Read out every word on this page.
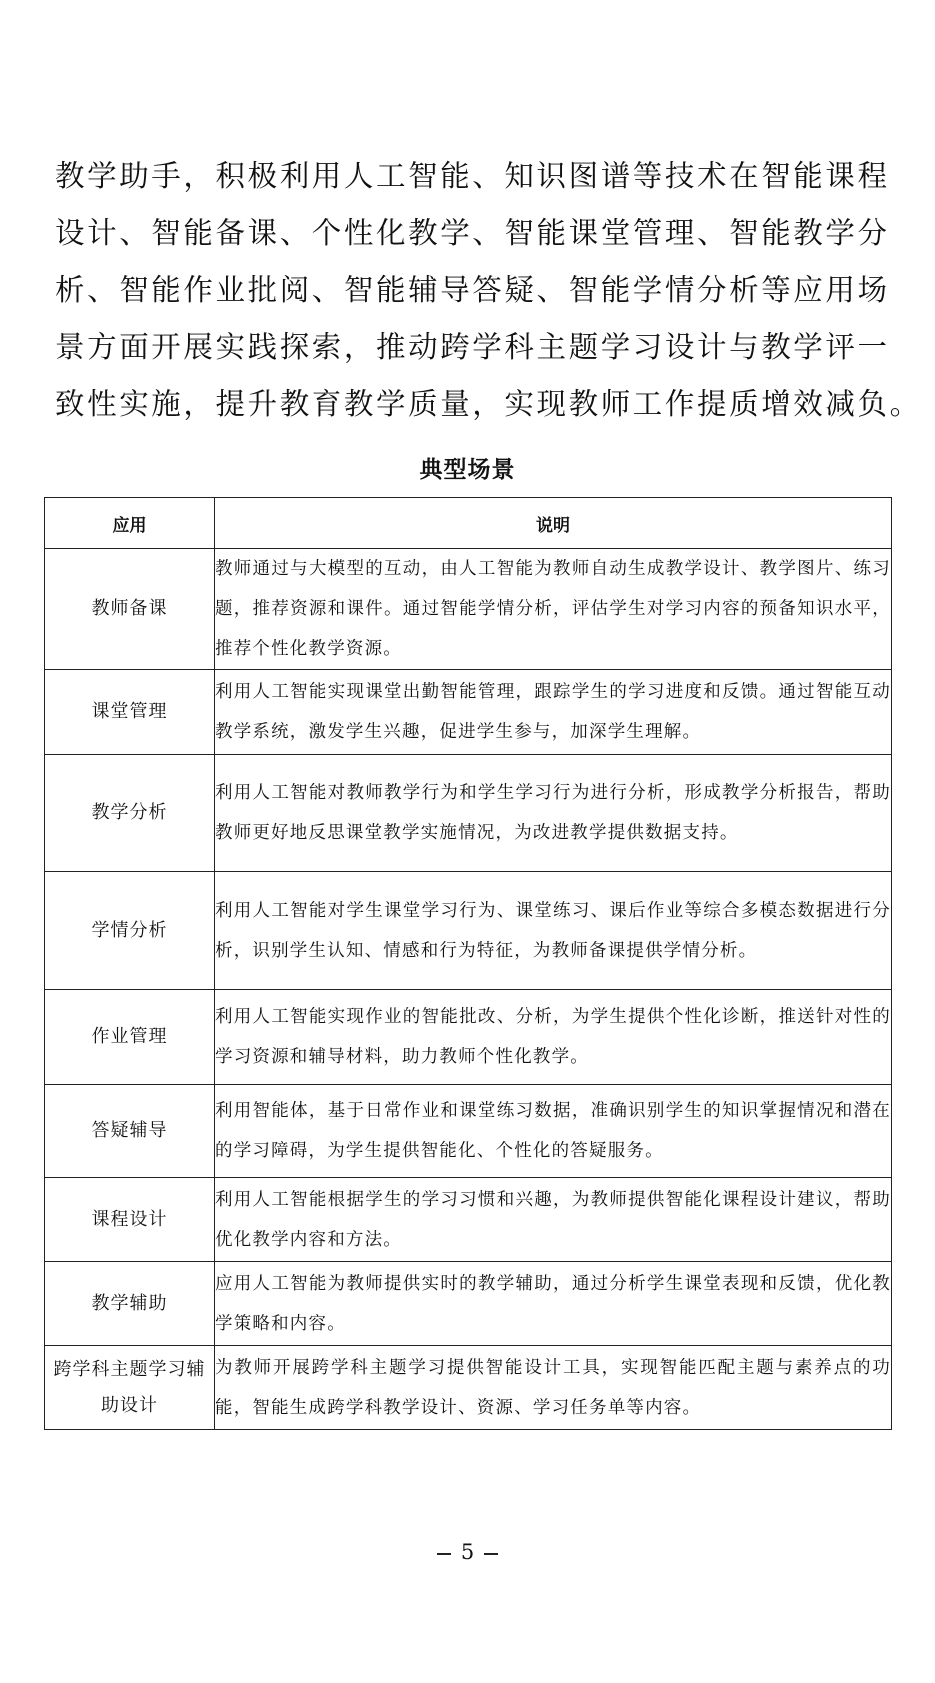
教学助手，积极利用人工智能、知识图谱等技术在智能课程
设计、智能备课、个性化教学、智能课堂管理、智能教学分
析、智能作业批阅、智能辅导答疑、智能学情分析等应用场
景方面开展实践探索，推动跨学科主题学习设计与教学评一
致性实施，提升教育教学质量，实现教师工作提质增效减负。
典型场景
应用	说明
教师备课	教师通过与大模型的互动，由人工智能为教师自动生成教学设计、教学图片、练习题，推荐资源和课件。通过智能学情分析，评估学生对学习内容的预备知识水平，推荐个性化教学资源。
课堂管理	利用人工智能实现课堂出勤智能管理，跟踪学生的学习进度和反馈。通过智能互动教学系统，激发学生兴趣，促进学生参与，加深学生理解。
教学分析	利用人工智能对教师教学行为和学生学习行为进行分析，形成教学分析报告，帮助教师更好地反思课堂教学实施情况，为改进教学提供数据支持。
学情分析	利用人工智能对学生课堂学习行为、课堂练习、课后作业等综合多模态数据进行分析，识别学生认知、情感和行为特征，为教师备课提供学情分析。
作业管理	利用人工智能实现作业的智能批改、分析，为学生提供个性化诊断，推送针对性的学习资源和辅导材料，助力教师个性化教学。
答疑辅导	利用智能体，基于日常作业和课堂练习数据，准确识别学生的知识掌握情况和潜在的学习障碍，为学生提供智能化、个性化的答疑服务。
课程设计	利用人工智能根据学生的学习习惯和兴趣，为教师提供智能化课程设计建议，帮助优化教学内容和方法。
教学辅助	应用人工智能为教师提供实时的教学辅助，通过分析学生课堂表现和反馈，优化教学策略和内容。
跨学科主题学习辅助设计	为教师开展跨学科主题学习提供智能设计工具，实现智能匹配主题与素养点的功能，智能生成跨学科教学设计、资源、学习任务单等内容。
5
